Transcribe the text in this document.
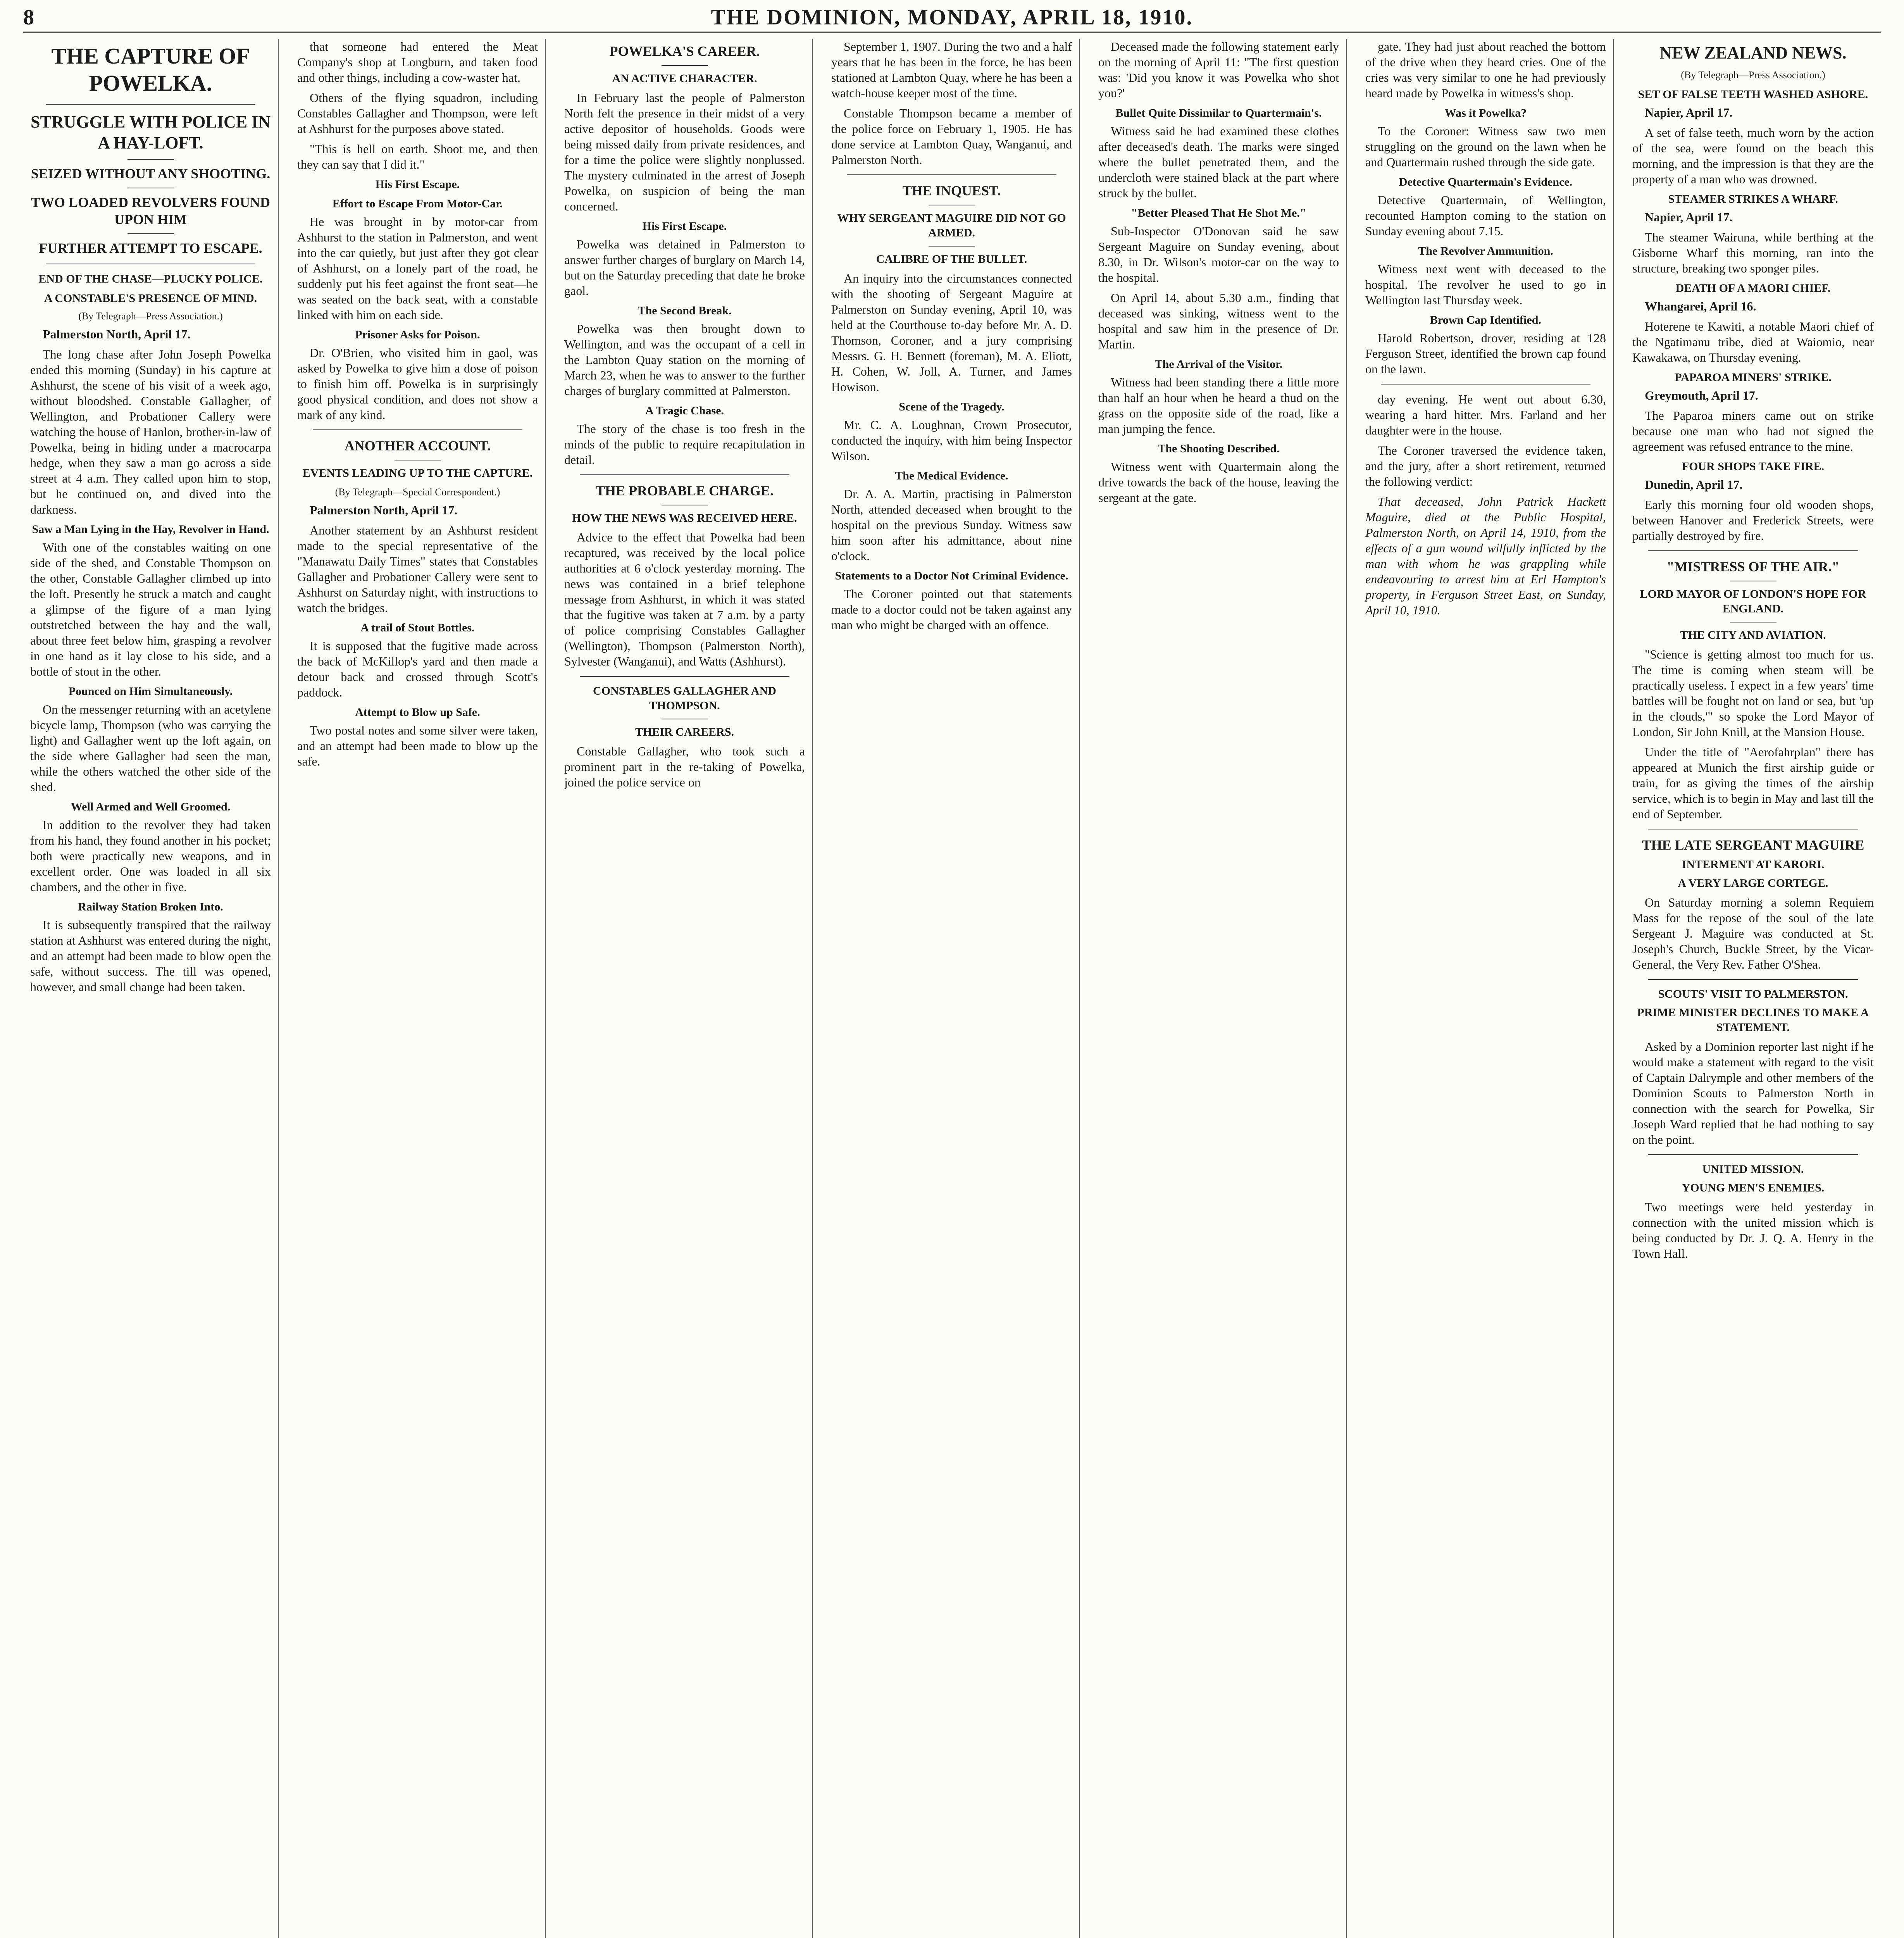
8	THE DOMINION, MONDAY, APRIL 18, 1910.
THE CAPTURE OF POWELKA.
STRUGGLE WITH POLICE IN A HAY-LOFT.
SEIZED WITHOUT ANY SHOOTING.
TWO LOADED REVOLVERS FOUND UPON HIM
FURTHER ATTEMPT TO ESCAPE.
END OF THE CHASE—PLUCKY POLICE.
A CONSTABLE'S PRESENCE OF MIND.
(By Telegraph—Press Association.)

Palmerston North, April 17.

The long chase after John Joseph Powelka ended this morning (Sunday) in his capture at Ashhurst, the scene of his visit of a week ago, without bloodshed. Constable Gallagher, of Wellington, and Probationer Callery were watching the house of Hanlon, brother-in-law of Powelka, being in hiding under a macrocarpa hedge, when they saw a man go across a side street at 4 a.m. They called upon him to stop, but he continued on, and dived into the darkness.

Saw a Man Lying in the Hay, Revolver in Hand.

With one of the constables waiting on one side of the shed, and Constable Thompson on the other, Constable Gallagher climbed up into the loft. Presently he struck a match and caught a glimpse of the figure of a man lying outstretched between the hay and the wall, about three feet below him, grasping a revolver in one hand as it lay close to his side, and a bottle of stout in the other.

Pounced on Him Simultaneously.

On the messenger returning with an acetylene bicycle lamp, Thompson (who was carrying the light) and Gallagher went up the loft again, on the side where Gallagher had seen the man, while the others watched the other side of the shed.

Well Armed and Well Groomed.

In addition to the revolver they had taken from his hand, they found another in his pocket; both were practically new weapons, and in excellent order. One was loaded in all six chambers, and the other in five.

Railway Station Broken Into.

It is subsequently transpired that the railway station at Ashhurst was entered during the night, and an attempt had been made to blow open the safe, without success. The till was opened, however, and small change had been taken.

that someone had entered the Meat Company's shop at Longburn, and taken food and other things, including a cow-waster hat.

Others of the flying squadron, including Constables Gallagher and Thompson, were left at Ashhurst for the purposes above stated.

"This is hell on earth. Shoot me, and then they can say that I did it."

His First Escape.
Effort to Escape From Motor-Car.

He was brought in by motor-car from Ashhurst to the station in Palmerston, and went into the car quietly, but just after they got clear of Ashhurst, on a lonely part of the road, he suddenly put his feet against the front seat—he was seated on the back seat, with a constable linked with him on each side.

Prisoner Asks for Poison.

Dr. O'Brien, who visited him in gaol, was asked by Powelka to give him a dose of poison to finish him off. Powelka is in surprisingly good physical condition, and does not show a mark of any kind.

ANOTHER ACCOUNT.
EVENTS LEADING UP TO THE CAPTURE.
(By Telegraph—Special Correspondent.)

Palmerston North, April 17.

Another statement by an Ashhurst resident made to the special representative of the "Manawatu Daily Times" states that Constables Gallagher and Probationer Callery were sent to Ashhurst on Saturday night, with instructions to watch the bridges.

A trail of Stout Bottles.

It is supposed that the fugitive made across the back of McKillop's yard and then made a detour back and crossed through Scott's paddock.

Attempt to Blow up Safe.

Two postal notes and some silver were taken, and an attempt had been made to blow up the safe.

POWELKA'S CAREER.
AN ACTIVE CHARACTER.

In February last the people of Palmerston North felt the presence in their midst of a very active depositor of households. Goods were being missed daily from private residences, and for a time the police were slightly nonplussed. The mystery culminated in the arrest of Joseph Powelka, on suspicion of being the man concerned.

His First Escape.

Powelka was detained in Palmerston to answer further charges of burglary on March 14, but on the Saturday preceding that date he broke gaol.

The Second Break.

Powelka was then brought down to Wellington, and was the occupant of a cell in the Lambton Quay station on the morning of March 23, when he was to answer to the further charges of burglary committed at Palmerston.

A Tragic Chase.

The story of the chase is too fresh in the minds of the public to require recapitulation in detail.

THE PROBABLE CHARGE.
HOW THE NEWS WAS RECEIVED HERE.

Advice to the effect that Powelka had been recaptured, was received by the local police authorities at 6 o'clock yesterday morning. The news was contained in a brief telephone message from Ashhurst, in which it was stated that the fugitive was taken at 7 a.m. by a party of police comprising Constables Gallagher (Wellington), Thompson (Palmerston North), Sylvester (Wanganui), and Watts (Ashhurst).

CONSTABLES GALLAGHER AND THOMPSON.
THEIR CAREERS.

Constable Gallagher, who took such a prominent part in the re-taking of Powelka, joined the police service on

September 1, 1907. During the two and a half years that he has been in the force, he has been stationed at Lambton Quay, where he has been a watch-house keeper most of the time.

Constable Thompson became a member of the police force on February 1, 1905. He has done service at Lambton Quay, Wanganui, and Palmerston North.

THE INQUEST.
WHY SERGEANT MAGUIRE DID NOT GO ARMED.
CALIBRE OF THE BULLET.

An inquiry into the circumstances connected with the shooting of Sergeant Maguire at Palmerston on Sunday evening, April 10, was held at the Courthouse to-day before Mr. A. D. Thomson, Coroner, and a jury comprising Messrs. G. H. Bennett (foreman), M. A. Eliott, H. Cohen, W. Joll, A. Turner, and James Howison.

Scene of the Tragedy.

Mr. C. A. Loughnan, Crown Prosecutor, conducted the inquiry, with him being Inspector Wilson.

The Medical Evidence.

Dr. A. A. Martin, practising in Palmerston North, attended deceased when brought to the hospital on the previous Sunday. Witness saw him soon after his admittance, about nine o'clock.

Statements to a Doctor Not Criminal Evidence.

The Coroner pointed out that statements made to a doctor could not be taken against any man who might be charged with an offence.

Deceased made the following statement early on the morning of April 11: "The first question was: 'Did you know it was Powelka who shot you?'

Bullet Quite Dissimilar to Quartermain's.

Witness said he had examined these clothes after deceased's death. The marks were singed where the bullet penetrated them, and the undercloth were stained black at the part where struck by the bullet.

"Better Pleased That He Shot Me."

Sub-Inspector O'Donovan said he saw Sergeant Maguire on Sunday evening, about 8.30, in Dr. Wilson's motor-car on the way to the hospital.

On April 14, about 5.30 a.m., finding that deceased was sinking, witness went to the hospital and saw him in the presence of Dr. Martin.

The Arrival of the Visitor.

Witness had been standing there a little more than half an hour when he heard a thud on the grass on the opposite side of the road, like a man jumping the fence.

The Shooting Described.

Witness went with Quartermain along the drive towards the back of the house, leaving the sergeant at the gate.

gate. They had just about reached the bottom of the drive when they heard cries. One of the cries was very similar to one he had previously heard made by Powelka in witness's shop.

Was it Powelka?

To the Coroner: Witness saw two men struggling on the ground on the lawn when he and Quartermain rushed through the side gate.

Detective Quartermain's Evidence.

Detective Quartermain, of Wellington, recounted Hampton coming to the station on Sunday evening about 7.15.

The Revolver Ammunition.

Witness next went with deceased to the hospital. The revolver he used to go in Wellington last Thursday week.

Brown Cap Identified.

Harold Robertson, drover, residing at 128 Ferguson Street, identified the brown cap found on the lawn.

day evening. He went out about 6.30, wearing a hard hitter. Mrs. Farland and her daughter were in the house.

The Coroner traversed the evidence taken, and the jury, after a short retirement, returned the following verdict:

That deceased, John Patrick Hackett Maguire, died at the Public Hospital, Palmerston North, on April 14, 1910, from the effects of a gun wound wilfully inflicted by the man with whom he was grappling while endeavouring to arrest him at Erl Hampton's property, in Ferguson Street East, on Sunday, April 10, 1910.

NEW ZEALAND NEWS.
(By Telegraph—Press Association.)
SET OF FALSE TEETH WASHED ASHORE.

Napier, April 17.

A set of false teeth, much worn by the action of the sea, were found on the beach this morning, and the impression is that they are the property of a man who was drowned.

STEAMER STRIKES A WHARF.

Napier, April 17.

The steamer Wairuna, while berthing at the Gisborne Wharf this morning, ran into the structure, breaking two sponger piles.

DEATH OF A MAORI CHIEF.

Whangarei, April 16.

Hoterene te Kawiti, a notable Maori chief of the Ngatimanu tribe, died at Waiomio, near Kawakawa, on Thursday evening.

PAPAROA MINERS' STRIKE.

Greymouth, April 17.

The Paparoa miners came out on strike because one man who had not signed the agreement was refused entrance to the mine.

FOUR SHOPS TAKE FIRE.

Dunedin, April 17.

Early this morning four old wooden shops, between Hanover and Frederick Streets, were partially destroyed by fire.

"MISTRESS OF THE AIR."
LORD MAYOR OF LONDON'S HOPE FOR ENGLAND.
THE CITY AND AVIATION.

"Science is getting almost too much for us. The time is coming when steam will be practically useless. I expect in a few years' time battles will be fought not on land or sea, but 'up in the clouds,'" so spoke the Lord Mayor of London, Sir John Knill, at the Mansion House.

Under the title of "Aerofahrplan" there has appeared at Munich the first airship guide or train, for as giving the times of the airship service, which is to begin in May and last till the end of September.

THE LATE SERGEANT MAGUIRE
INTERMENT AT KARORI.
A VERY LARGE CORTEGE.

On Saturday morning a solemn Requiem Mass for the repose of the soul of the late Sergeant J. Maguire was conducted at St. Joseph's Church, Buckle Street, by the Vicar-General, the Very Rev. Father O'Shea.

SCOUTS' VISIT TO PALMERSTON.
PRIME MINISTER DECLINES TO MAKE A STATEMENT.

Asked by a Dominion reporter last night if he would make a statement with regard to the visit of Captain Dalrymple and other members of the Dominion Scouts to Palmerston North in connection with the search for Powelka, Sir Joseph Ward replied that he had nothing to say on the point.

UNITED MISSION.
YOUNG MEN'S ENEMIES.

Two meetings were held yesterday in connection with the united mission which is being conducted by Dr. J. Q. A. Henry in the Town Hall.
